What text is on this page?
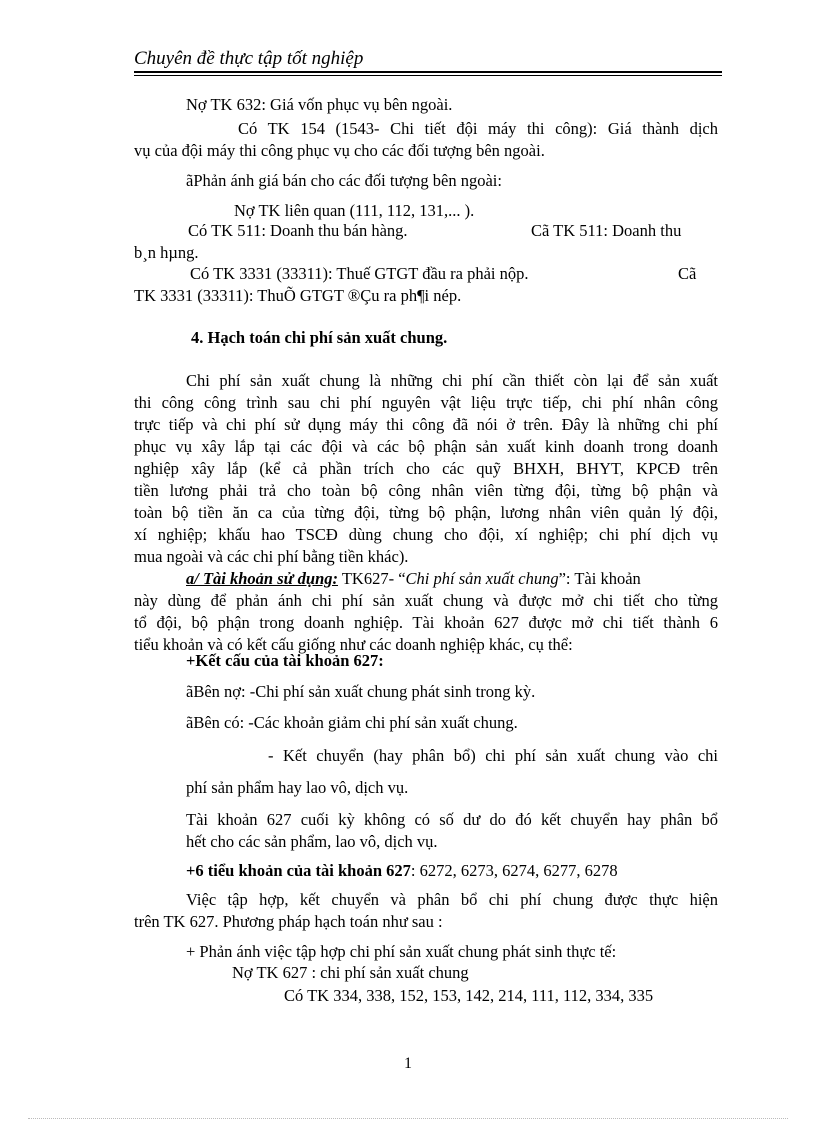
Chuyên đề thực tập tốt nghiệp
Nợ TK 632: Giá vốn phục vụ bên ngoài.
Có TK 154 (1543- Chi tiết đội máy thi công): Giá thành dịch
vụ của đội máy thi công phục vụ cho các đối tượng bên ngoài.
ãPhản ánh giá bán cho các đối tượng bên ngoài:
Nợ TK liên quan (111, 112, 131,... ).
Có TK 511: Doanh thu bán hàng.	Cã TK 511: Doanh thu
b¸n hµng.
Có TK 3331 (33311): Thuế GTGT đầu ra phải nộp.	Cã
TK 3331 (33311): ThuÕ GTGT ®Çu ra ph¶i nép.
4. Hạch toán chi phí sản xuất chung.
Chi phí sản xuất chung là những chi phí cần thiết còn lại để sản xuất
thi công công trình sau chi phí nguyên vật liệu trực tiếp, chi phí nhân công
trực tiếp và chi phí sử dụng máy thi công đã nói ở trên. Đây là những chi phí
phục vụ xây lắp tại các đội và các bộ phận sản xuất kinh doanh trong doanh
nghiệp xây lắp (kể cả phần trích cho các quỹ BHXH, BHYT, KPCĐ trên
tiền lương phải trả cho toàn bộ công nhân viên từng đội, từng bộ phận và
toàn bộ tiền ăn ca của từng đội, từng bộ phận, lương nhân viên quản lý đội,
xí nghiệp; khấu hao TSCĐ dùng chung cho đội, xí nghiệp; chi phí dịch vụ
mua ngoài và các chi phí bằng tiền khác).
a/ Tài khoản sử dụng: TK627- “Chi phí sản xuất chung”: Tài khoản
này dùng để phản ánh chi phí sản xuất chung và được mở chi tiết cho từng
tổ đội, bộ phận trong doanh nghiệp. Tài khoản 627 được mở chi tiết thành 6
tiểu khoản và có kết cấu giống như các doanh nghiệp khác, cụ thể:
+Kết cấu của tài khoản 627:
ãBên nợ: -Chi phí sản xuất chung phát sinh trong kỳ.
ãBên có: -Các khoản giảm chi phí sản xuất chung.
- Kết chuyển (hay phân bổ) chi phí sản xuất chung vào chi
phí sản phẩm hay lao vô, dịch vụ.
Tài khoản 627 cuối kỳ không có số dư do đó kết chuyển hay phân bổ
hết cho các sản phẩm, lao vô, dịch vụ.
+6 tiểu khoản của tài khoản 627: 6272, 6273, 6274, 6277, 6278
Việc tập hợp, kết chuyển và phân bổ chi phí chung được thực hiện
trên TK 627. Phương pháp hạch toán như sau :
+ Phản ánh việc tập hợp chi phí sản xuất chung phát sinh thực tế:
Nợ TK 627 : chi phí sản xuất chung
Có TK 334, 338, 152, 153, 142, 214, 111, 112, 334, 335
1
